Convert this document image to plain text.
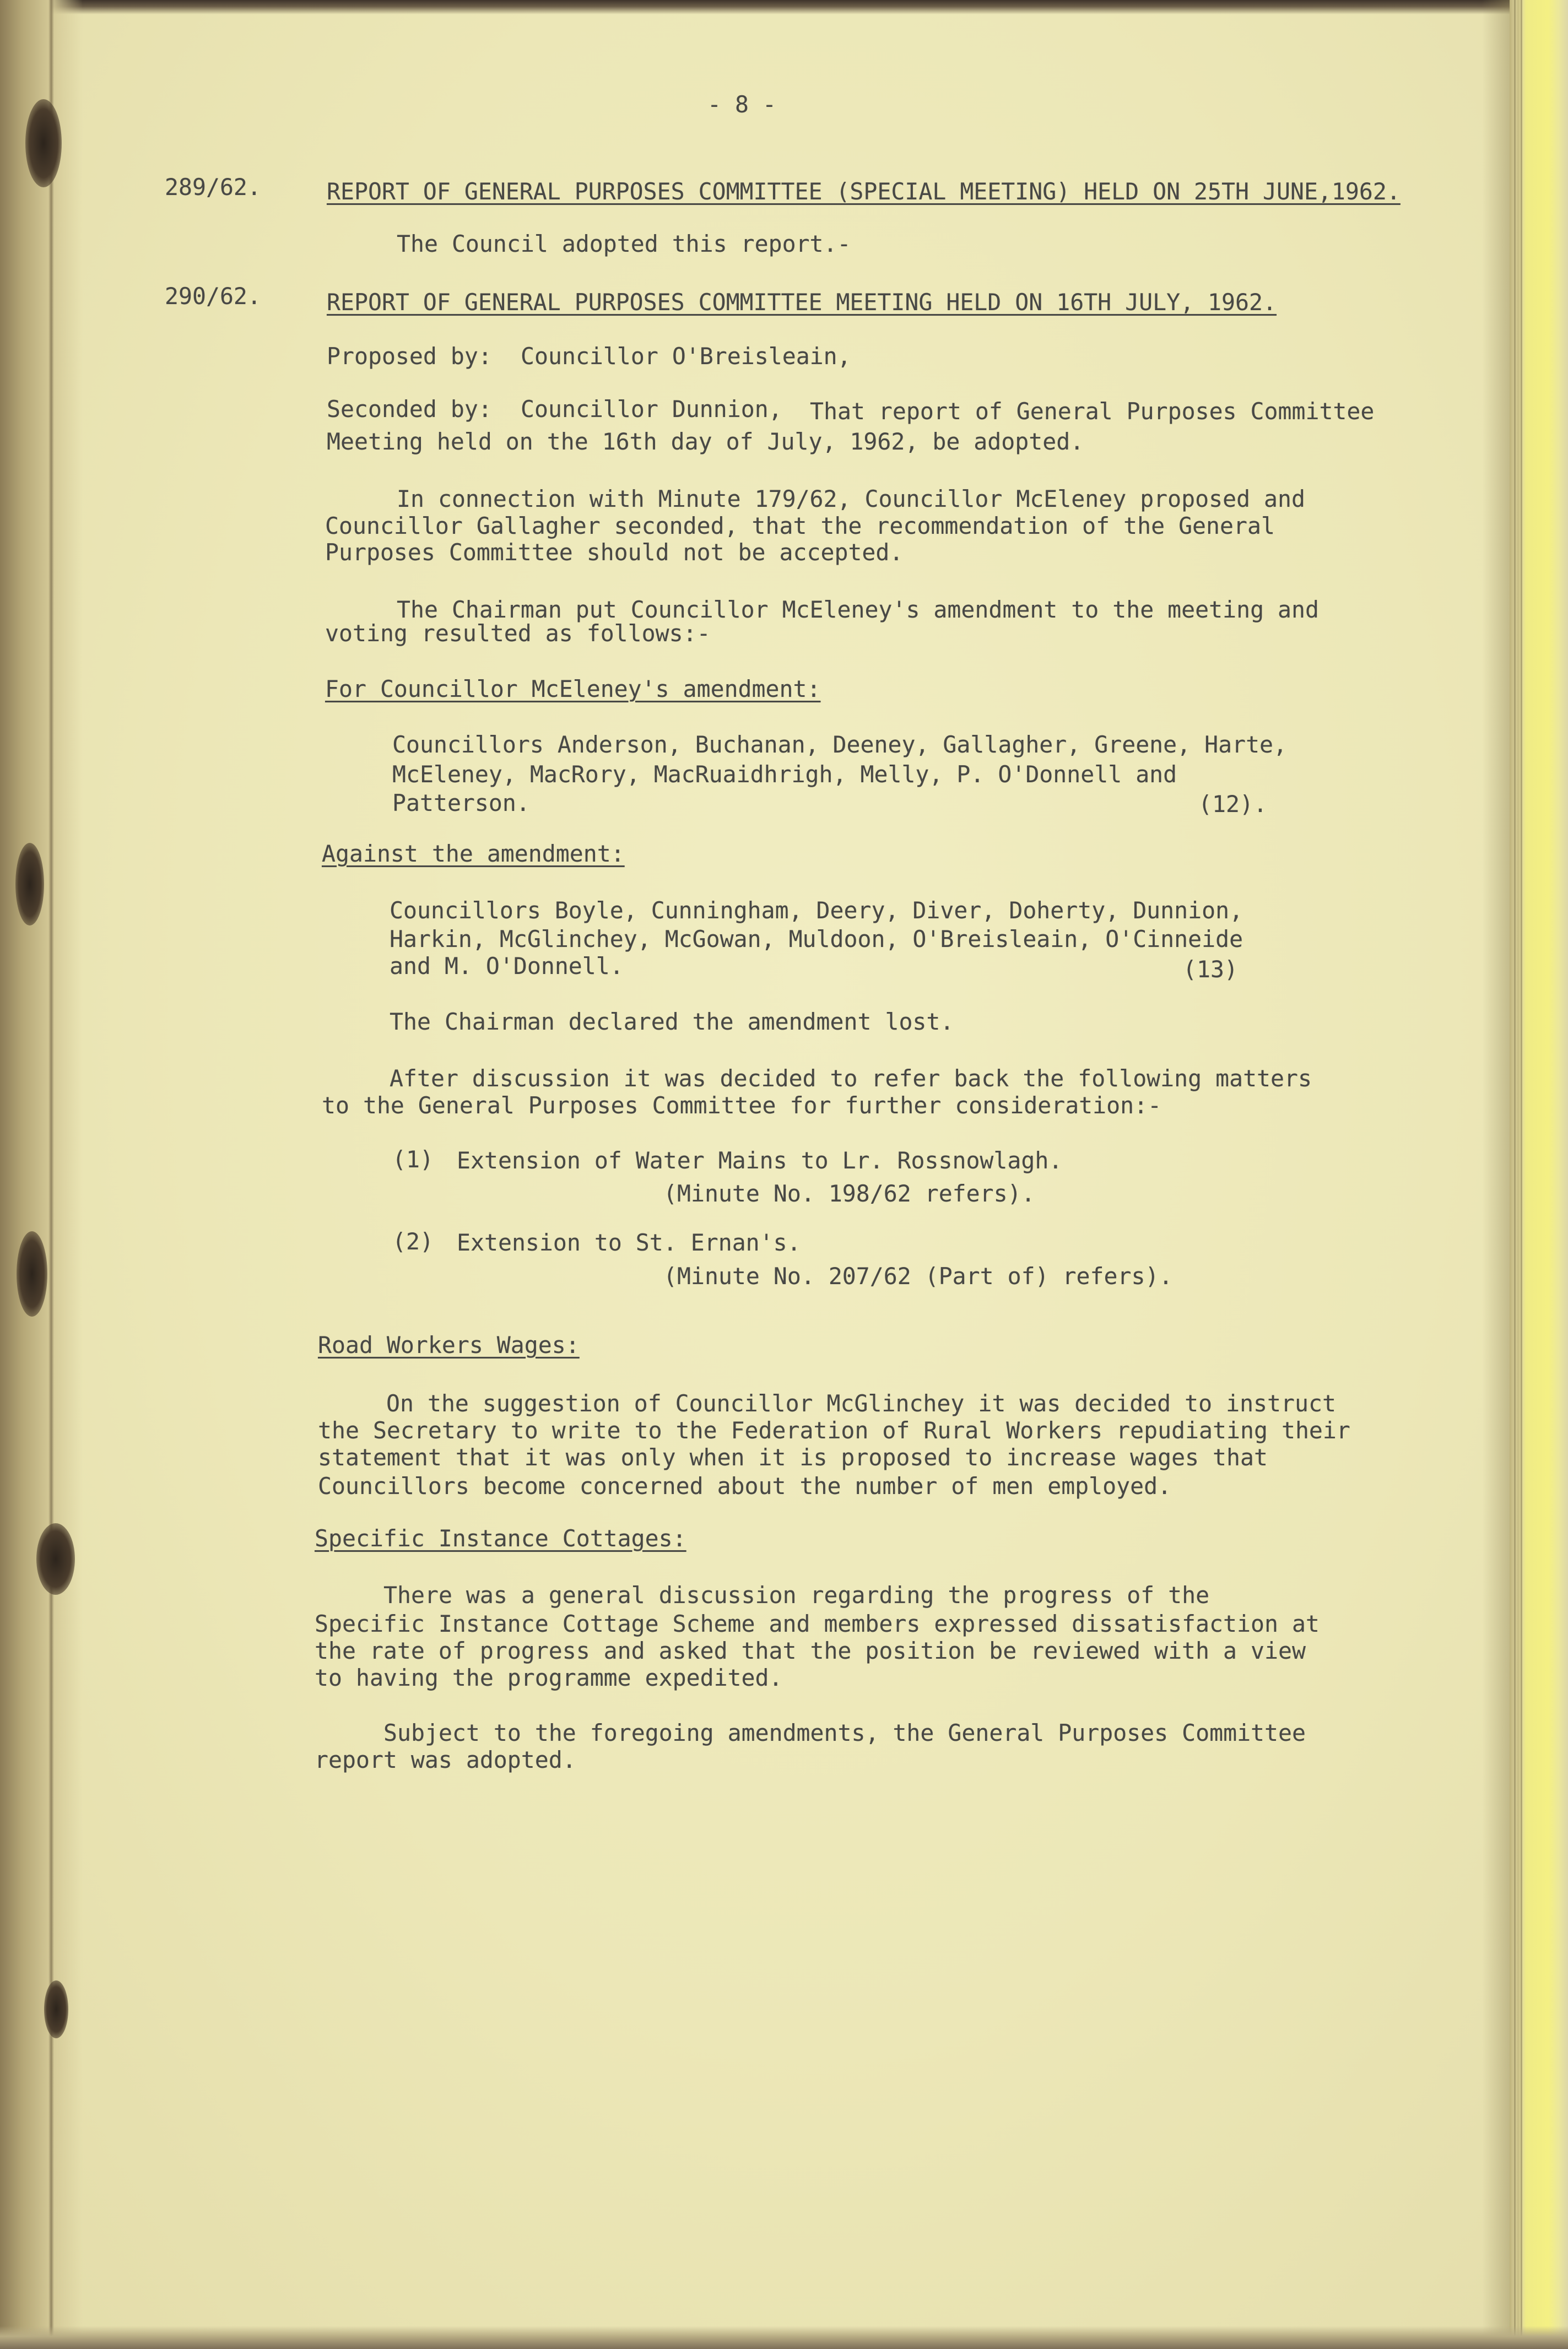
- 8 -
289/62.	REPORT OF GENERAL PURPOSES COMMITTEE (SPECIAL MEETING) HELD ON 25TH JUNE,1962.
The Council adopted this report.-
290/62.	REPORT OF GENERAL PURPOSES COMMITTEE MEETING HELD ON 16TH JULY, 1962.
Proposed by: Councillor O'Breisleain,
Seconded by: Councillor Dunnion, That report of General Purposes Committee
Meeting held on the 16th day of July, 1962, be adopted.
In connection with Minute 179/62, Councillor McEleney proposed and
Councillor Gallagher seconded, that the recommendation of the General
Purposes Committee should not be accepted.
The Chairman put Councillor McEleney's amendment to the meeting and
voting resulted as follows:-
For Councillor McEleney's amendment:
Councillors Anderson, Buchanan, Deeney, Gallagher, Greene, Harte,
McEleney, MacRory, MacRuaidhrigh, Melly, P. O'Donnell and
Patterson.	(12).
Against the amendment:
Councillors Boyle, Cunningham, Deery, Diver, Doherty, Dunnion,
Harkin, McGlinchey, McGowan, Muldoon, O'Breisleain, O'Cinneide
and M. O'Donnell.	(13)
The Chairman declared the amendment lost.
After discussion it was decided to refer back the following matters
to the General Purposes Committee for further consideration:-
(1) Extension of Water Mains to Lr. Rossnowlagh.
(Minute No. 198/62 refers).
(2) Extension to St. Ernan's.
(Minute No. 207/62 (Part of) refers).
Road Workers Wages:
On the suggestion of Councillor McGlinchey it was decided to instruct
the Secretary to write to the Federation of Rural Workers repudiating their
statement that it was only when it is proposed to increase wages that
Councillors become concerned about the number of men employed.
Specific Instance Cottages:
There was a general discussion regarding the progress of the
Specific Instance Cottage Scheme and members expressed dissatisfaction at
the rate of progress and asked that the position be reviewed with a view
to having the programme expedited.
Subject to the foregoing amendments, the General Purposes Committee
report was adopted.
